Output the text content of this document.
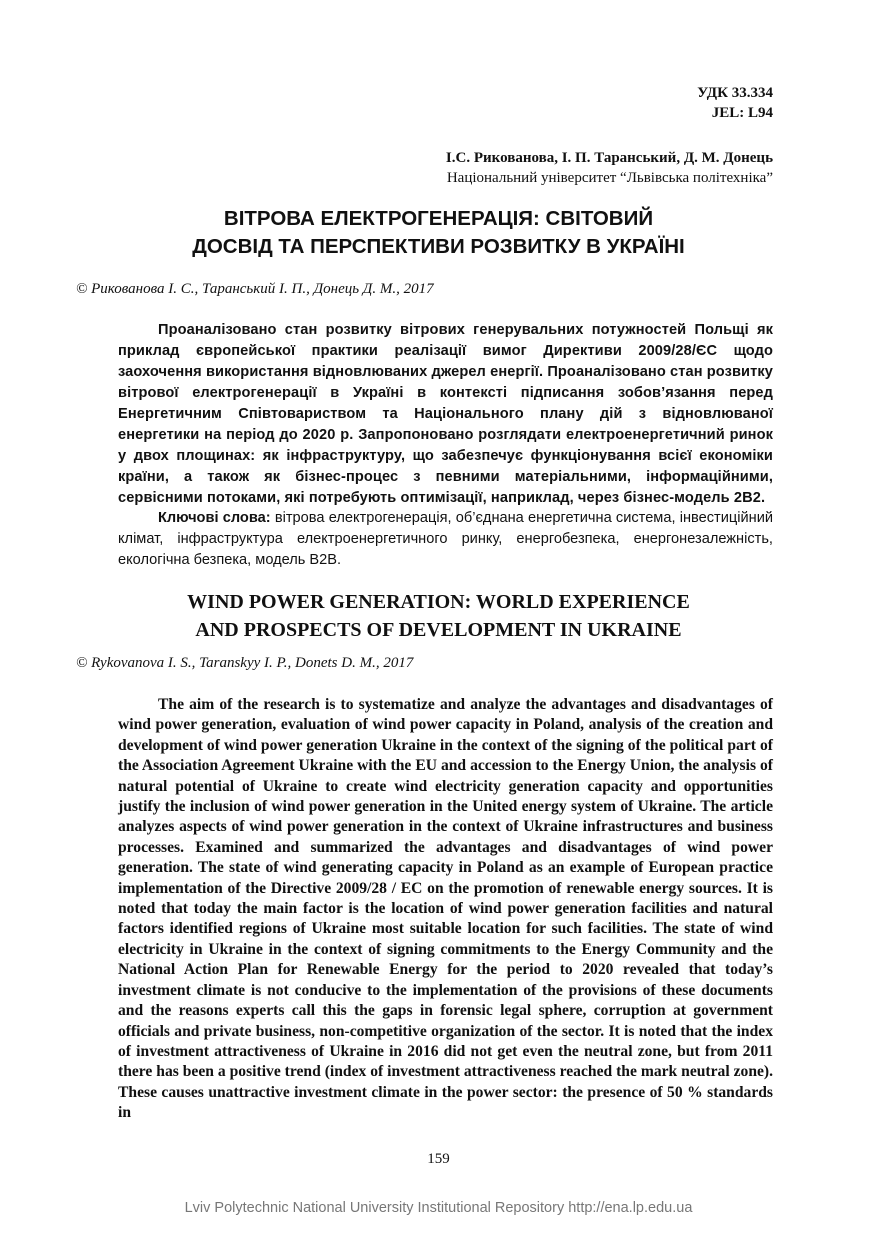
УДК 33.334
JEL: L94
І.С. Рикованова, І. П. Таранський, Д. М. Донець
Національний університет “Львівська політехніка”
ВІТРОВА ЕЛЕКТРОГЕНЕРАЦІЯ: СВІТОВИЙ
ДОСВІД ТА ПЕРСПЕКТИВИ РОЗВИТКУ В УКРАЇНІ
© Рикованова І. С., Таранський І. П., Донець Д. М., 2017

Проаналізовано стан розвитку вітрових генерувальних потужностей Польщі як приклад європейської практики реалізації вимог Директиви 2009/28/ЄС щодо заохочення використання відновлюваних джерел енергії. Проаналізовано стан розвитку вітрової електрогенерації в Україні в контексті підписання зобов’язання перед Енергетичним Співтовариством та Національного плану дій з відновлюваної енергетики на період до 2020 р. Запропоновано розглядати електроенергетичний ринок у двох площинах: як інфраструктуру, що забезпечує функціонування всієї економіки країни, а також як бізнес-процес з певними матеріальними, інформаційними, сервісними потоками, які потребують оптимізації, наприклад, через бізнес-модель 2В2.

Ключові слова: вітрова електрогенерація, об’єднана енергетична система, інвестиційний клімат, інфраструктура електроенергетичного ринку, енергобезпека, енергонезалежність, екологічна безпека, модель В2В.

WIND POWER GENERATION: WORLD EXPERIENCE
AND PROSPECTS OF DEVELOPMENT IN UKRAINE
© Rykovanova I. S., Taranskyy I. P., Donets D. M., 2017

The aim of the research is to systematize and analyze the advantages and disadvantages of wind power generation, evaluation of wind power capacity in Poland, analysis of the creation and development of wind power generation Ukraine in the context of the signing of the political part of the Association Agreement Ukraine with the EU and accession to the Energy Union, the analysis of natural potential of Ukraine to create wind electricity generation capacity and opportunities justify the inclusion of wind power generation in the United energy system of Ukraine. The article analyzes aspects of wind power generation in the context of Ukraine infrastructures and business processes. Examined and summarized the advantages and disadvantages of wind power generation. The state of wind generating capacity in Poland as an example of European practice implementation of the Directive 2009/28 / EC on the promotion of renewable energy sources. It is noted that today the main factor is the location of wind power generation facilities and natural factors identified regions of Ukraine most suitable location for such facilities. The state of wind electricity in Ukraine in the context of signing commitments to the Energy Community and the National Action Plan for Renewable Energy for the period to 2020 revealed that today’s investment climate is not conducive to the implementation of the provisions of these documents and the reasons experts call this the gaps in forensic legal sphere, corruption at government officials and private business, non-competitive organization of the sector. It is noted that the index of investment attractiveness of Ukraine in 2016 did not get even the neutral zone, but from 2011 there has been a positive trend (index of investment attractiveness reached the mark neutral zone). These causes unattractive investment climate in the power sector: the presence of 50 % standards in

159
Lviv Polytechnic National University Institutional Repository http://ena.lp.edu.ua
